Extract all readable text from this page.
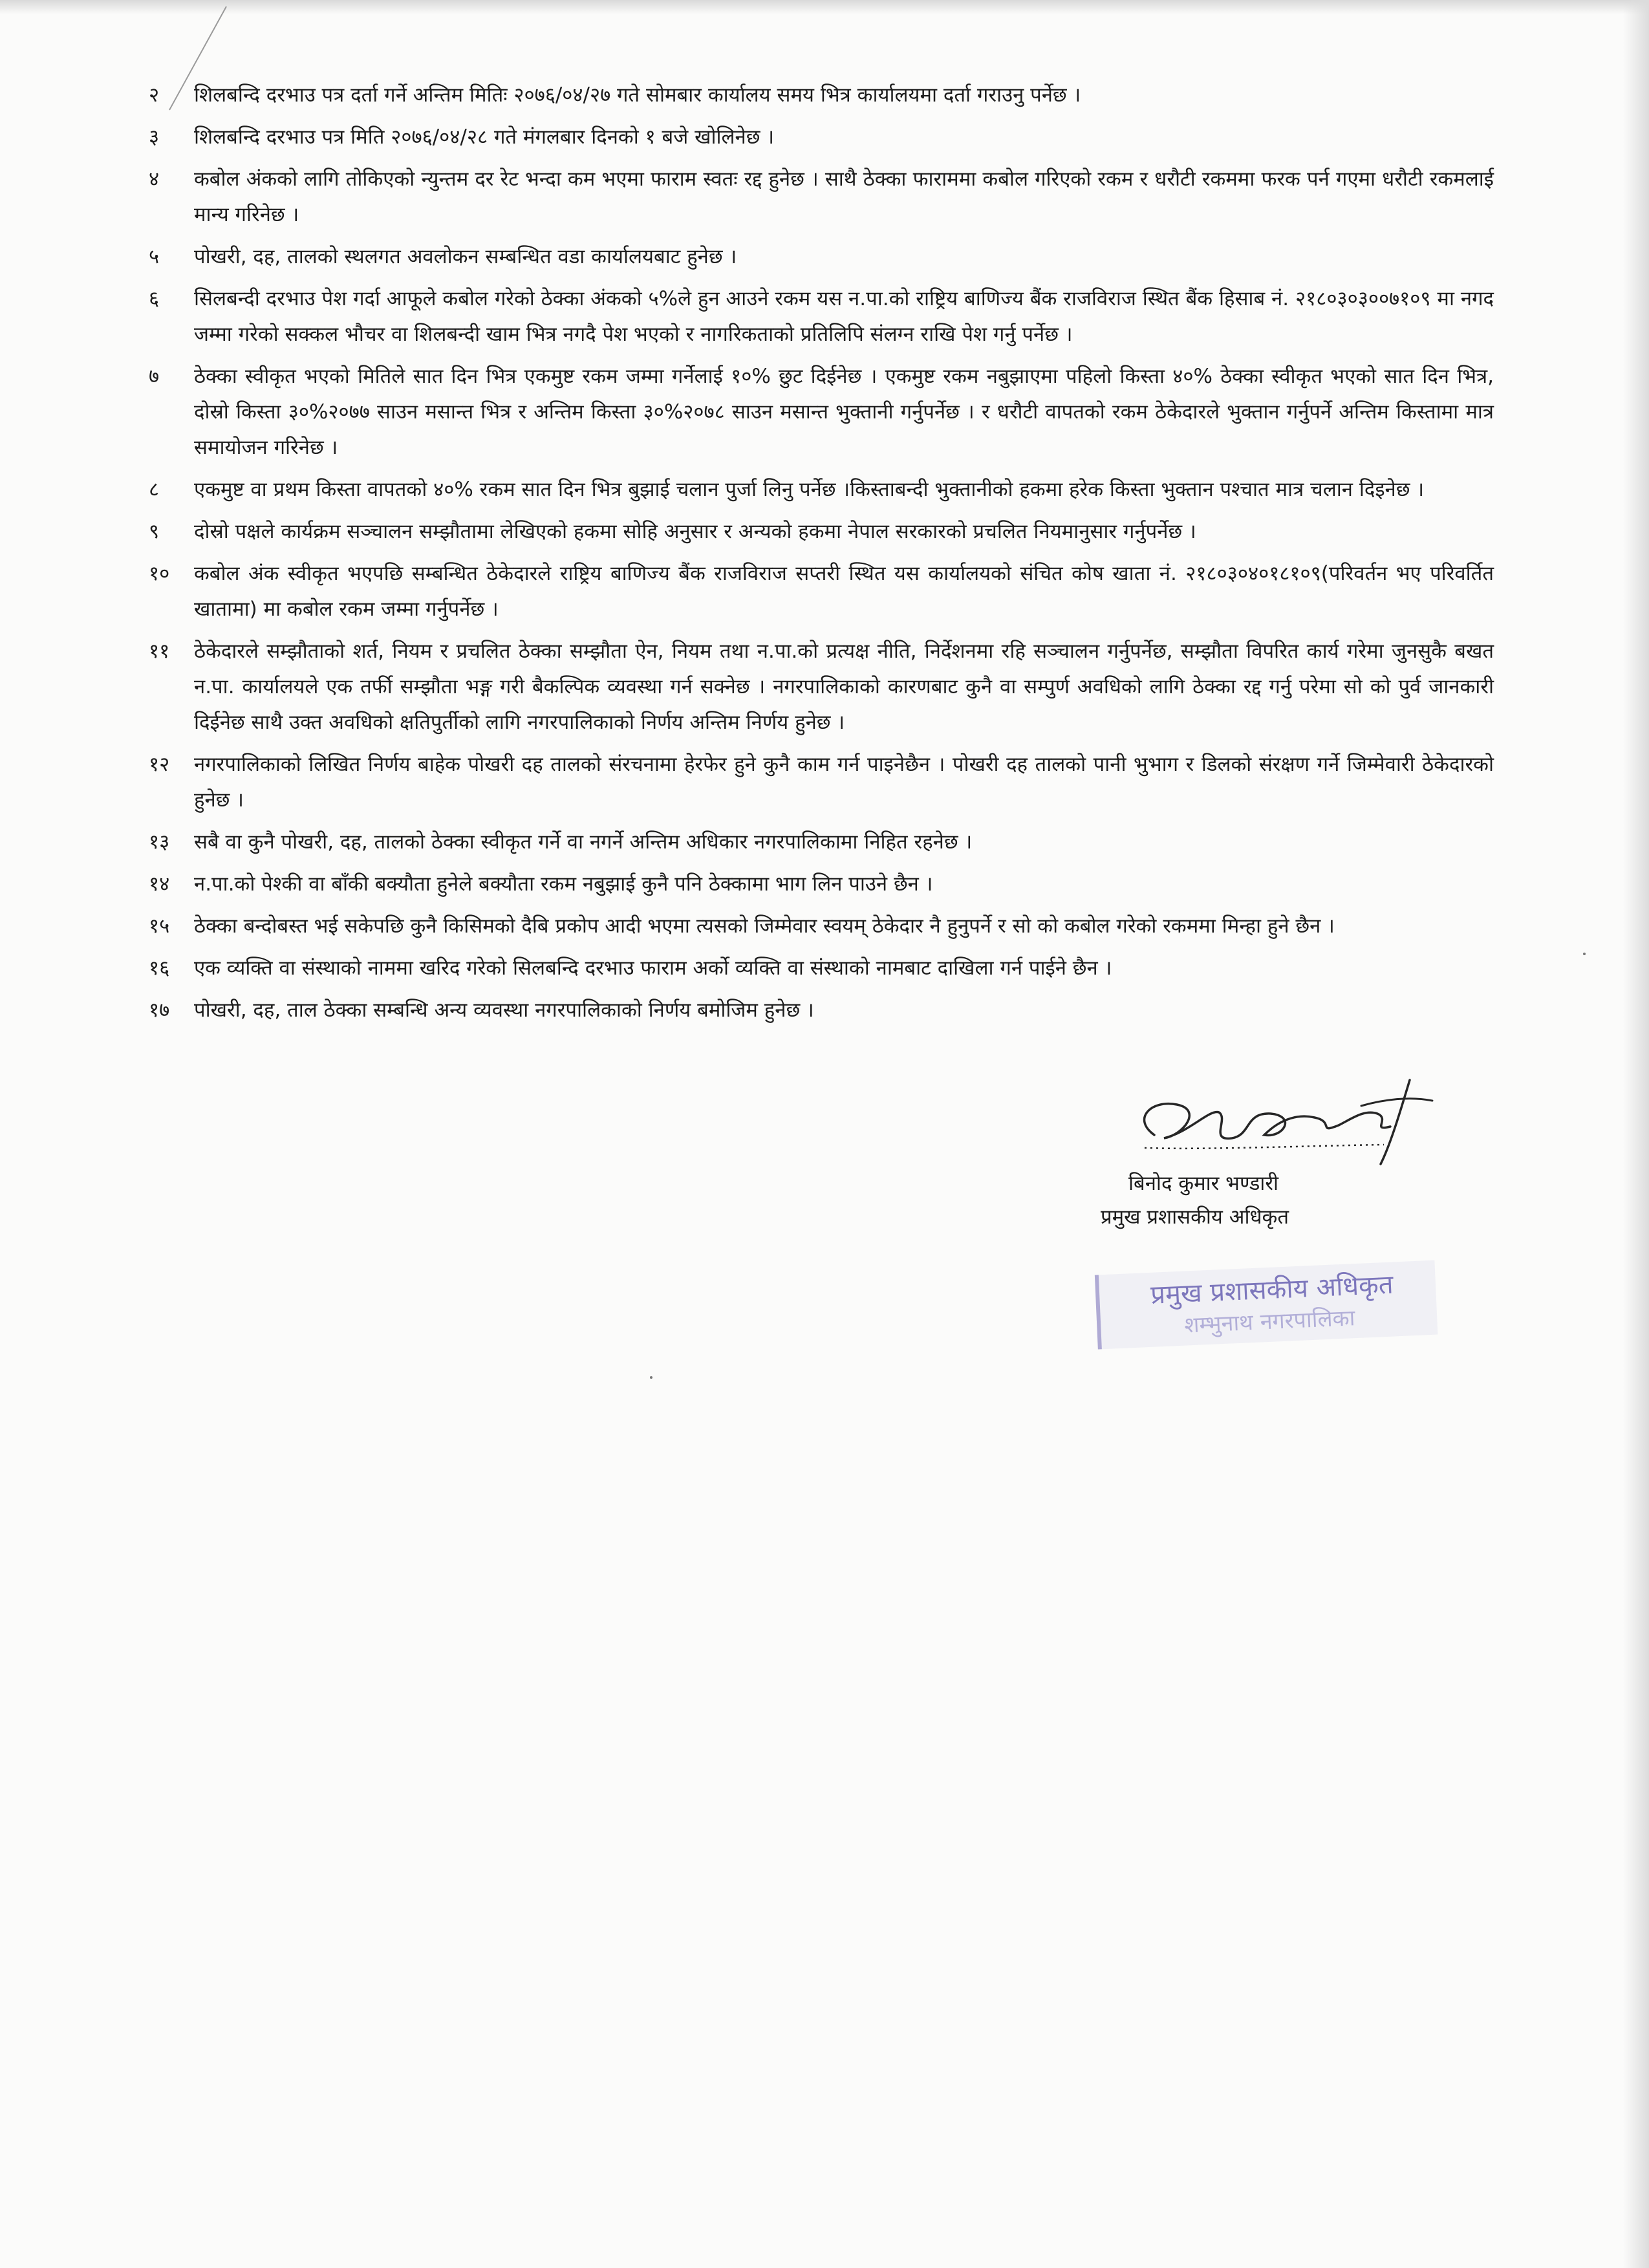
२	शिलबन्दि दरभाउ पत्र दर्ता गर्ने अन्तिम मितिः २०७६/०४/२७ गते सोमबार कार्यालय समय भित्र कार्यालयमा दर्ता गराउनु पर्नेछ ।
३	शिलबन्दि दरभाउ पत्र मिति २०७६/०४/२८ गते मंगलबार दिनको १ बजे खोलिनेछ ।
४	कबोल अंकको लागि तोकिएको न्युन्तम दर रेट भन्दा कम भएमा फाराम स्वतः रद्द हुनेछ । साथै ठेक्का फाराममा कबोल गरिएको रकम र धरौटी रकममा फरक पर्न गएमा धरौटी रकमलाई मान्य गरिनेछ ।
५	पोखरी, दह, तालको स्थलगत अवलोकन सम्बन्धित वडा कार्यालयबाट हुनेछ ।
६	सिलबन्दी दरभाउ पेश गर्दा आफूले कबोल गरेको ठेक्का अंकको ५%ले हुन आउने रकम यस न.पा.को राष्ट्रिय बाणिज्य बैंक राजविराज स्थित बैंक हिसाब नं. २१८०३०३००७१०९ मा नगद जम्मा गरेको सक्कल भौचर वा शिलबन्दी खाम भित्र नगदै पेश भएको र नागरिकताको प्रतिलिपि संलग्न राखि पेश गर्नु पर्नेछ ।
७	ठेक्का स्वीकृत भएको मितिले सात दिन भित्र एकमुष्ट रकम जम्मा गर्नेलाई १०% छुट दिईनेछ । एकमुष्ट रकम नबुझाएमा पहिलो किस्ता ४०% ठेक्का स्वीकृत भएको सात दिन भित्र, दोस्रो किस्ता ३०%२०७७ साउन मसान्त भित्र र अन्तिम किस्ता ३०%२०७८ साउन मसान्त भुक्तानी गर्नुपर्नेछ । र धरौटी वापतको रकम ठेकेदारले भुक्तान गर्नुपर्ने अन्तिम किस्तामा मात्र समायोजन गरिनेछ ।
८	एकमुष्ट वा प्रथम किस्ता वापतको ४०% रकम सात दिन भित्र बुझाई चलान पुर्जा लिनु पर्नेछ ।किस्ताबन्दी भुक्तानीको हकमा हरेक किस्ता भुक्तान पश्चात मात्र चलान दिइनेछ ।
९	दोस्रो पक्षले कार्यक्रम सञ्चालन सम्झौतामा लेखिएको हकमा सोहि अनुसार र अन्यको हकमा नेपाल सरकारको प्रचलित नियमानुसार गर्नुपर्नेछ ।
१०	कबोल अंक स्वीकृत भएपछि सम्बन्धित ठेकेदारले राष्ट्रिय बाणिज्य बैंक राजविराज सप्तरी स्थित यस कार्यालयको संचित कोष खाता नं. २१८०३०४०१८१०९(परिवर्तन भए परिवर्तित खातामा) मा कबोल रकम जम्मा गर्नुपर्नेछ ।
११	ठेकेदारले सम्झौताको शर्त, नियम र प्रचलित ठेक्का सम्झौता ऐन, नियम तथा न.पा.को प्रत्यक्ष नीति, निर्देशनमा रहि सञ्चालन गर्नुपर्नेछ, सम्झौता विपरित कार्य गरेमा जुनसुकै बखत न.पा. कार्यालयले एक तर्फी सम्झौता भङ्ग गरी बैकल्पिक व्यवस्था गर्न सक्नेछ । नगरपालिकाको कारणबाट कुनै वा सम्पुर्ण अवधिको लागि ठेक्का रद्द गर्नु परेमा सो को पुर्व जानकारी दिईनेछ साथै उक्त अवधिको क्षतिपुर्तीको लागि नगरपालिकाको निर्णय अन्तिम निर्णय हुनेछ ।
१२	नगरपालिकाको लिखित निर्णय बाहेक पोखरी दह तालको संरचनामा हेरफेर हुने कुनै काम गर्न पाइनेछैन । पोखरी दह तालको पानी भुभाग र डिलको संरक्षण गर्ने जिम्मेवारी ठेकेदारको हुनेछ ।
१३	सबै वा कुनै पोखरी, दह, तालको ठेक्का स्वीकृत गर्ने वा नगर्ने अन्तिम अधिकार नगरपालिकामा निहित रहनेछ ।
१४	न.पा.को पेश्की वा बाँकी बक्यौता हुनेले बक्यौता रकम नबुझाई कुनै पनि ठेक्कामा भाग लिन पाउने छैन ।
१५	ठेक्का बन्दोबस्त भई सकेपछि कुनै किसिमको दैबि प्रकोप आदी भएमा त्यसको जिम्मेवार स्वयम् ठेकेदार नै हुनुपर्ने र सो को कबोल गरेको रकममा मिन्हा हुने छैन ।
१६	एक व्यक्ति वा संस्थाको नाममा खरिद गरेको सिलबन्दि दरभाउ फाराम अर्को व्यक्ति वा संस्थाको नामबाट दाखिला गर्न पाईने छैन ।
१७	पोखरी, दह, ताल ठेक्का सम्बन्धि अन्य व्यवस्था नगरपालिकाको निर्णय बमोजिम हुनेछ ।
बिनोद कुमार भण्डारी
प्रमुख प्रशासकीय अधिकृत
प्रमुख प्रशासकीय अधिकृत
शम्भुनाथ नगरपालिका
